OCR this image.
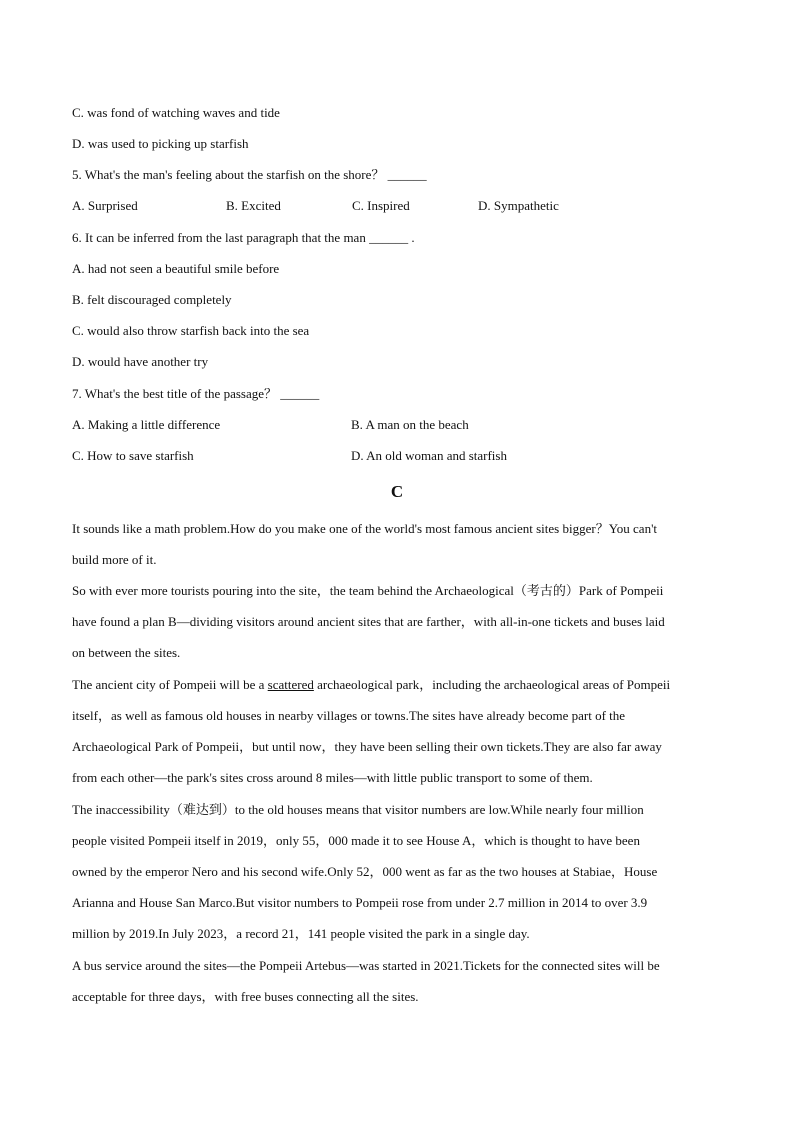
C. was fond of watching waves and tide
D. was used to picking up starfish
5. What's the man's feeling about the starfish on the shore？ ______
A. Surprised	B. Excited	C. Inspired	D. Sympathetic
6. It can be inferred from the last paragraph that the man ______ .
A. had not seen a beautiful smile before
B. felt discouraged completely
C. would also throw starfish back into the sea
D. would have another try
7. What's the best title of the passage？ ______
A. Making a little difference	B. A man on the beach
C. How to save starfish	D. An old woman and starfish
C
It sounds like a math problem.How do you make one of the world's most famous ancient sites bigger？You can't
build more of it.
So with ever more tourists pouring into the site，the team behind the Archaeological（考古的）Park of Pompeii
have found a plan B—dividing visitors around ancient sites that are farther，with all-in-one tickets and buses laid
on between the sites.
The ancient city of Pompeii will be a scattered archaeological park，including the archaeological areas of Pompeii
itself，as well as famous old houses in nearby villages or towns.The sites have already become part of the
Archaeological Park of Pompeii，but until now，they have been selling their own tickets.They are also far away
from each other—the park's sites cross around 8 miles—with little public transport to some of them.
The inaccessibility（难达到）to the old houses means that visitor numbers are low.While nearly four million
people visited Pompeii itself in 2019，only 55，000 made it to see House A，which is thought to have been
owned by the emperor Nero and his second wife.Only 52，000 went as far as the two houses at Stabiae，House
Arianna and House San Marco.But visitor numbers to Pompeii rose from under 2.7 million in 2014 to over 3.9
million by 2019.In July 2023，a record 21，141 people visited the park in a single day.
A bus service around the sites—the Pompeii Artebus—was started in 2021.Tickets for the connected sites will be
acceptable for three days，with free buses connecting all the sites.
